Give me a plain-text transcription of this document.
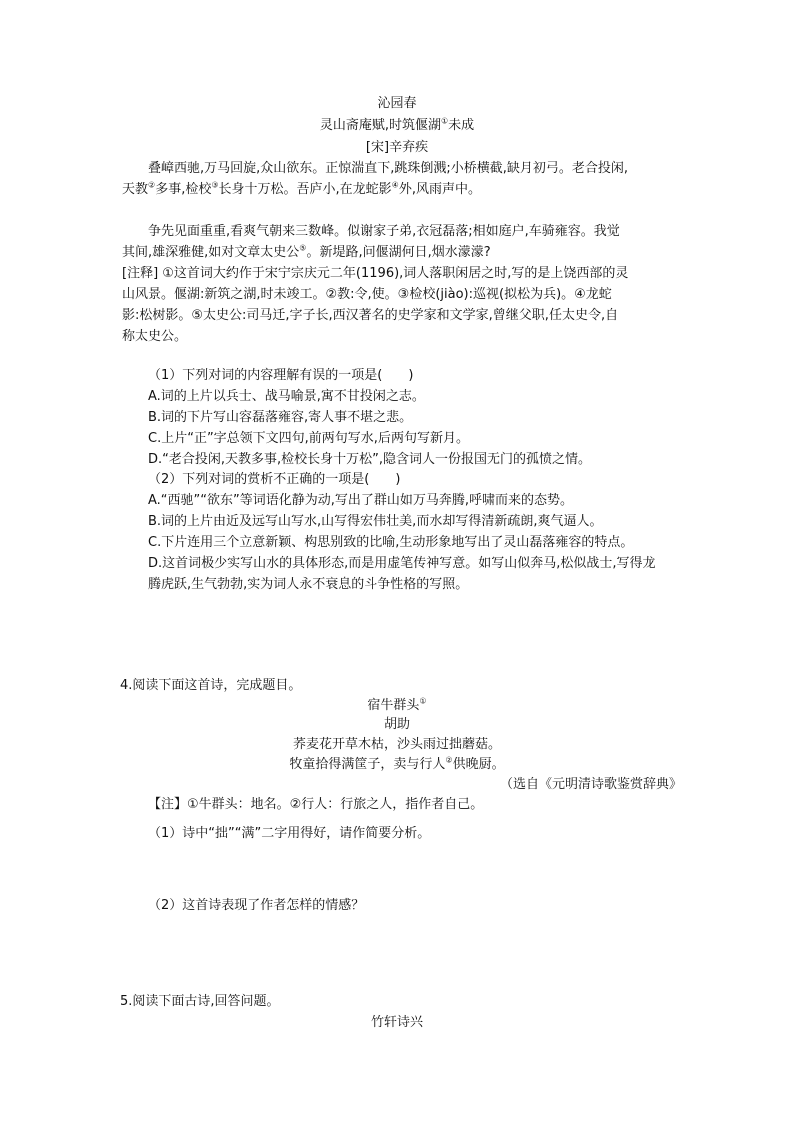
沁园春
灵山斋庵赋,时筑偃湖①未成
[宋]辛弃疾
叠嶂西驰,万马回旋,众山欲东。正惊湍直下,跳珠倒溅;小桥横截,缺月初弓。老合投闲,
天教②多事,检校③长身十万松。吾庐小,在龙蛇影④外,风雨声中。
争先见面重重,看爽气朝来三数峰。似谢家子弟,衣冠磊落;相如庭户,车骑雍容。我觉
其间,雄深雅健,如对文章太史公⑤。新堤路,问偃湖何日,烟水濛濛?
[注释] ①这首词大约作于宋宁宗庆元二年(1196),词人落职闲居之时,写的是上饶西部的灵
山风景。偃湖:新筑之湖,时未竣工。②教:令,使。③检校(jiào):巡视(拟松为兵)。④龙蛇
影:松树影。⑤太史公:司马迁,字子长,西汉著名的史学家和文学家,曾继父职,任太史令,自
称太史公。
（1）下列对词的内容理解有误的一项是(　　)
A.词的上片以兵士、战马喻景,寓不甘投闲之志。
B.词的下片写山容磊落雍容,寄人事不堪之悲。
C.上片“正”字总领下文四句,前两句写水,后两句写新月。
D.“老合投闲,天教多事,检校长身十万松”,隐含词人一份报国无门的孤愤之情。
（2）下列对词的赏析不正确的一项是(　　)
A.“西驰”“欲东”等词语化静为动,写出了群山如万马奔腾,呼啸而来的态势。
B.词的上片由近及远写山写水,山写得宏伟壮美,而水却写得清新疏朗,爽气逼人。
C.下片连用三个立意新颖、构思别致的比喻,生动形象地写出了灵山磊落雍容的特点。
D.这首词极少实写山水的具体形态,而是用虚笔传神写意。如写山似奔马,松似战士,写得龙
腾虎跃,生气勃勃,实为词人永不衰息的斗争性格的写照。
4.阅读下面这首诗，完成题目。
宿牛群头①
胡助
荞麦花开草木枯，沙头雨过拙蘑菇。
牧童拾得满筐子，卖与行人②供晚厨。
（选自《元明清诗歌鉴赏辞典》
【注】①牛群头：地名。②行人：行旅之人，指作者自己。
（1）诗中“拙”“满”二字用得好，请作简要分析。
（2）这首诗表现了作者怎样的情感？
5.阅读下面古诗,回答问题。
竹轩诗兴
